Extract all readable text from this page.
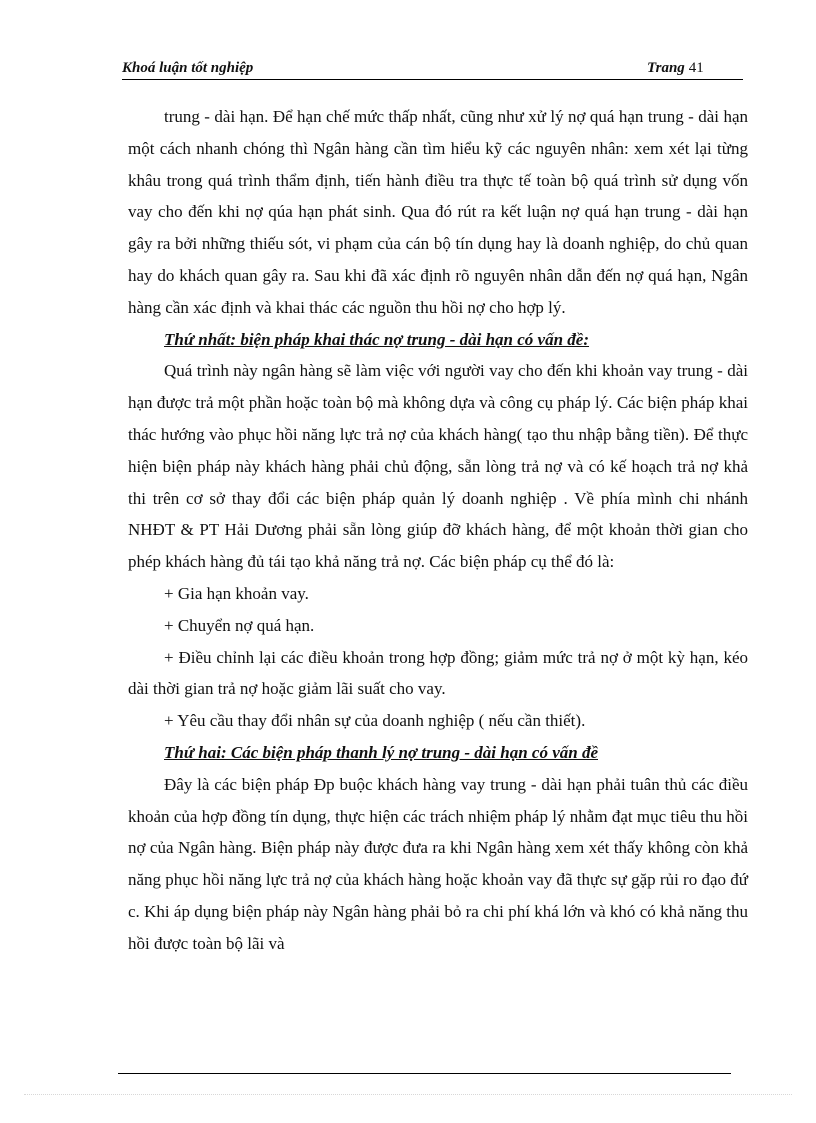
Khoá luận tốt nghiệp	Trang 41

trung - dài hạn. Để hạn chế mức thấp nhất, cũng như xử lý nợ quá hạn trung - dài hạn một cách nhanh chóng thì Ngân hàng cần tìm hiểu kỹ các nguyên nhân: xem xét lại từng khâu trong quá trình thẩm định, tiến hành điều tra thực tế toàn bộ quá trình sử dụng vốn vay cho đến khi nợ qúa hạn phát sinh. Qua đó rút ra kết luận nợ quá hạn trung - dài hạn gây ra bởi những thiếu sót, vi phạm của cán bộ tín dụng hay là doanh nghiệp, do chủ quan hay do khách quan gây ra. Sau khi đã xác định rõ nguyên nhân dẫn đến nợ quá hạn, Ngân hàng cần xác định và khai thác các nguồn thu hồi nợ cho hợp lý.

Thứ nhất: biện pháp khai thác nợ trung - dài hạn có vấn đề:

Quá trình này ngân hàng sẽ làm việc với người vay cho đến khi khoản vay trung - dài hạn được trả một phần hoặc toàn bộ mà không dựa và công cụ pháp lý. Các biện pháp khai thác hướng vào phục hồi năng lực trả nợ của khách hàng( tạo thu nhập bằng tiền). Để thực hiện biện pháp này khách hàng phải chủ động, sẵn lòng trả nợ và có kế hoạch trả nợ khả thi trên cơ sở thay đổi các biện pháp quản lý doanh nghiệp . Về phía mình chi nhánh NHĐT & PT Hải Dương phải sẵn lòng giúp đỡ khách hàng, để một khoản thời gian cho phép khách hàng đủ tái tạo khả năng trả nợ. Các biện pháp cụ thể đó là:

+ Gia hạn khoản vay.

+ Chuyển nợ quá hạn.

+ Điều chỉnh lại các điều khoản trong hợp đồng; giảm mức trả nợ ở một kỳ hạn, kéo dài thời gian trả nợ hoặc giảm lãi suất cho vay.

+ Yêu cầu thay đổi nhân sự của doanh nghiệp ( nếu cần thiết).

Thứ hai: Các biện pháp thanh lý nợ trung - dài hạn có vấn đề

Đây là các biện pháp Đp buộc khách hàng vay trung - dài hạn phải tuân thủ các điều khoản của hợp đồng tín dụng, thực hiện các trách nhiệm pháp lý nhằm đạt mục tiêu thu hồi nợ của Ngân hàng. Biện pháp này được đưa ra khi Ngân hàng xem xét thấy không còn khả năng phục hồi năng lực trả nợ của khách hàng hoặc khoản vay đã thực sự gặp rủi ro đạo đứ c. Khi áp dụng biện pháp này Ngân hàng phải bỏ ra chi phí khá lớn và khó có khả năng thu hồi được toàn bộ lãi và
